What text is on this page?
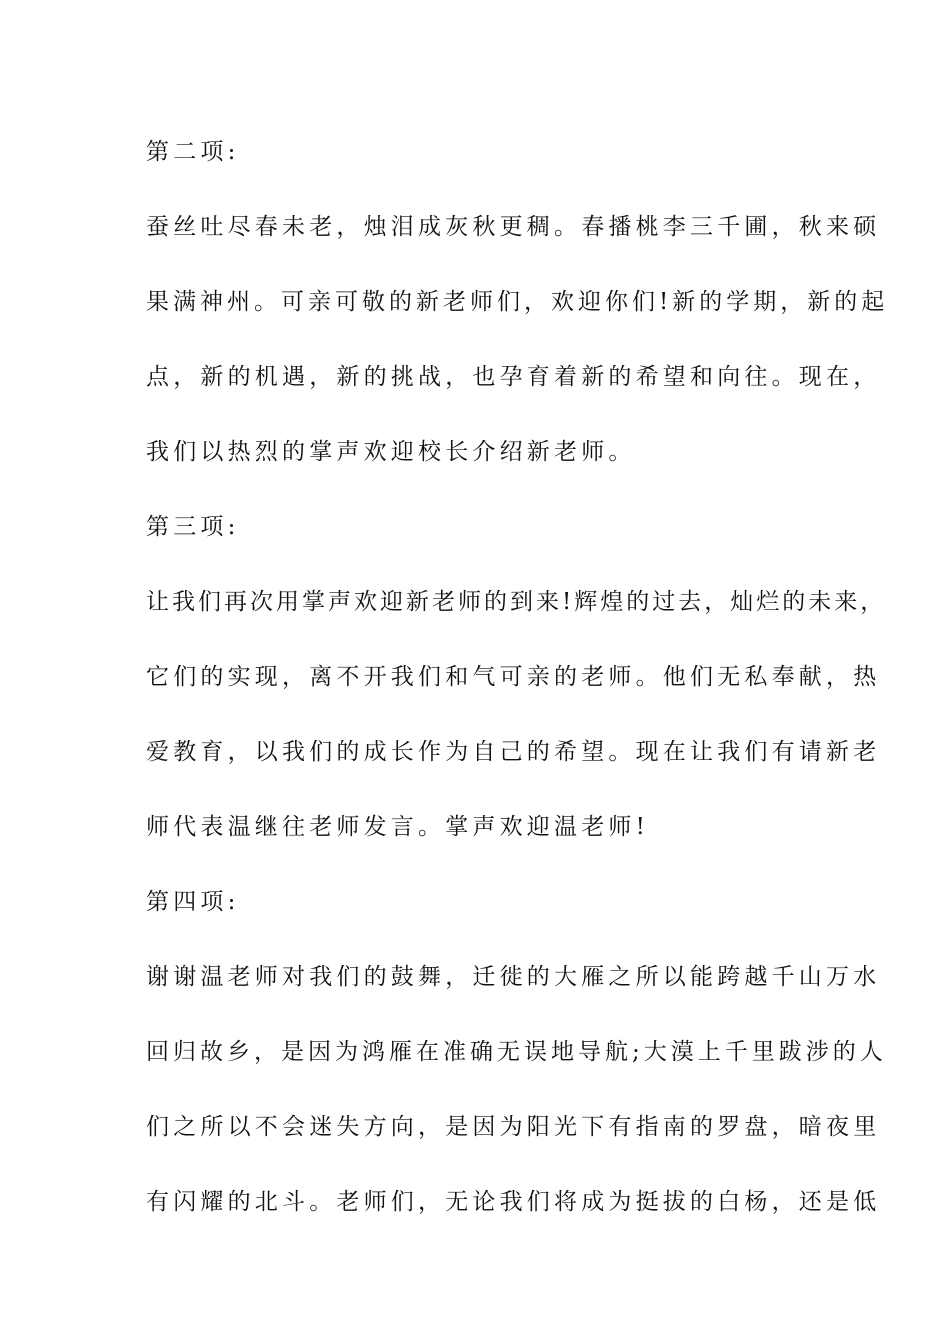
第二项:
蚕丝吐尽春未老，烛泪成灰秋更稠。春播桃李三千圃，秋来硕
果满神州。可亲可敬的新老师们，欢迎你们!新的学期，新的起
点，新的机遇，新的挑战，也孕育着新的希望和向往。现在，
我们以热烈的掌声欢迎校长介绍新老师。
第三项:
让我们再次用掌声欢迎新老师的到来!辉煌的过去，灿烂的未来，
它们的实现，离不开我们和气可亲的老师。他们无私奉献，热
爱教育，以我们的成长作为自己的希望。现在让我们有请新老
师代表温继往老师发言。掌声欢迎温老师!
第四项:
谢谢温老师对我们的鼓舞，迁徙的大雁之所以能跨越千山万水
回归故乡，是因为鸿雁在准确无误地导航;大漠上千里跋涉的人
们之所以不会迷失方向，是因为阳光下有指南的罗盘，暗夜里
有闪耀的北斗。老师们，无论我们将成为挺拔的白杨，还是低
